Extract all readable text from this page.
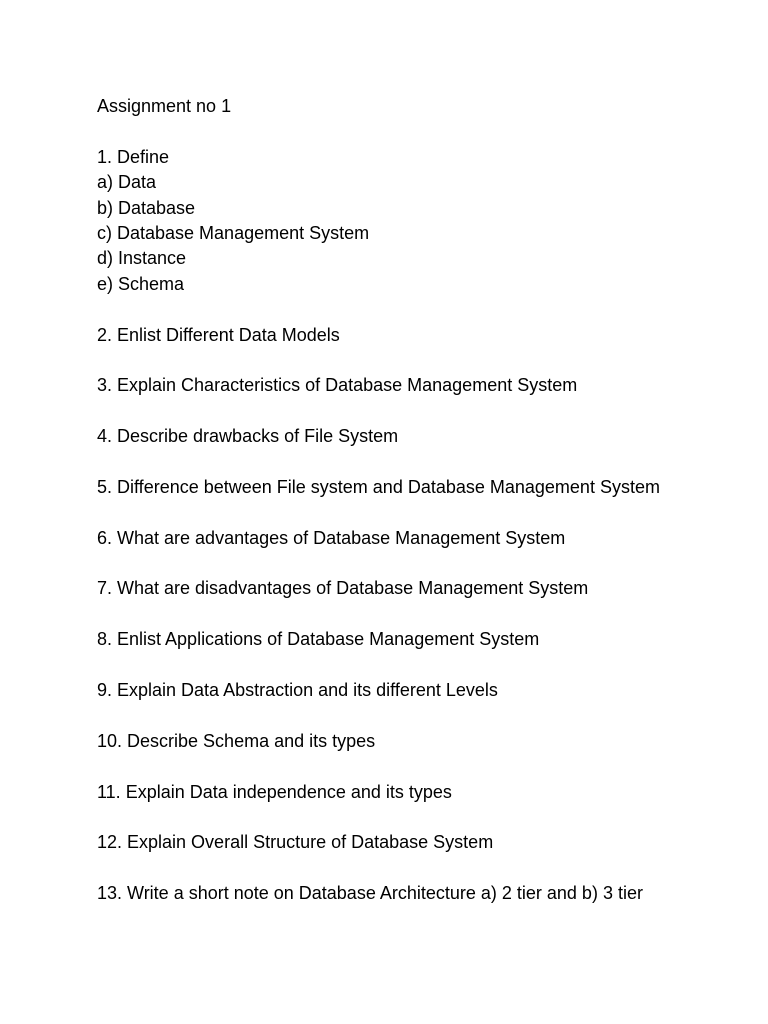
Assignment no 1
1. Define
a) Data
b) Database
c) Database Management System
d) Instance
e) Schema
2. Enlist Different Data Models
3. Explain Characteristics of Database Management System
4. Describe drawbacks of File System
5. Difference between File system and Database Management System
6. What are advantages of Database Management System
7. What are disadvantages of Database Management System
8. Enlist Applications of Database Management System
9. Explain Data Abstraction and its different Levels
10. Describe Schema and its types
11. Explain Data independence and its types
12. Explain Overall Structure of Database System
13. Write a short note on Database Architecture a) 2 tier and b) 3 tier
